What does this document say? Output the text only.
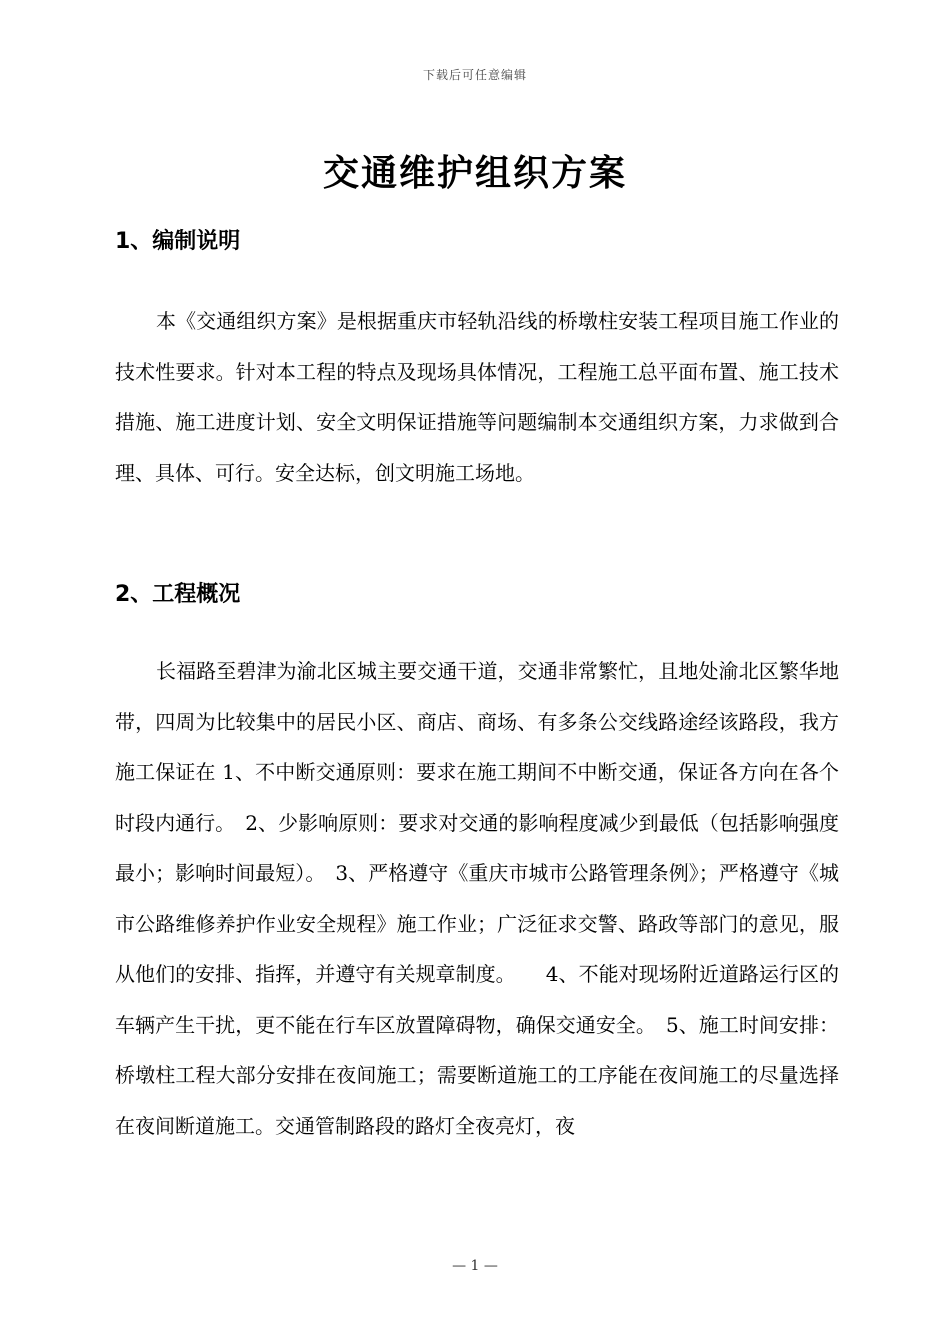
下载后可任意编辑
交通维护组织方案
1、编制说明
本《交通组织方案》是根据重庆市轻轨沿线的桥墩柱安装工程项目施工作业的技术性要求。针对本工程的特点及现场具体情况，工程施工总平面布置、施工技术措施、施工进度计划、安全文明保证措施等问题编制本交通组织方案，力求做到合理、具体、可行。安全达标，创文明施工场地。
2、工程概况
长福路至碧津为渝北区城主要交通干道，交通非常繁忙，且地处渝北区繁华地带，四周为比较集中的居民小区、商店、商场、有多条公交线路途经该路段，我方施工保证在 1、不中断交通原则：要求在施工期间不中断交通，保证各方向在各个时段内通行。　2、少影响原则：要求对交通的影响程度减少到最低（包括影响强度最小；影响时间最短）。　3、严格遵守《重庆市城市公路管理条例》；严格遵守《城市公路维修养护作业安全规程》施工作业；广泛征求交警、路政等部门的意见，服从他们的安排、指挥，并遵守有关规章制度。　　4、不能对现场附近道路运行区的车辆产生干扰，更不能在行车区放置障碍物，确保交通安全。　5、施工时间安排：桥墩柱工程大部分安排在夜间施工；需要断道施工的工序能在夜间施工的尽量选择在夜间断道施工。交通管制路段的路灯全夜亮灯，夜
— 1 —
